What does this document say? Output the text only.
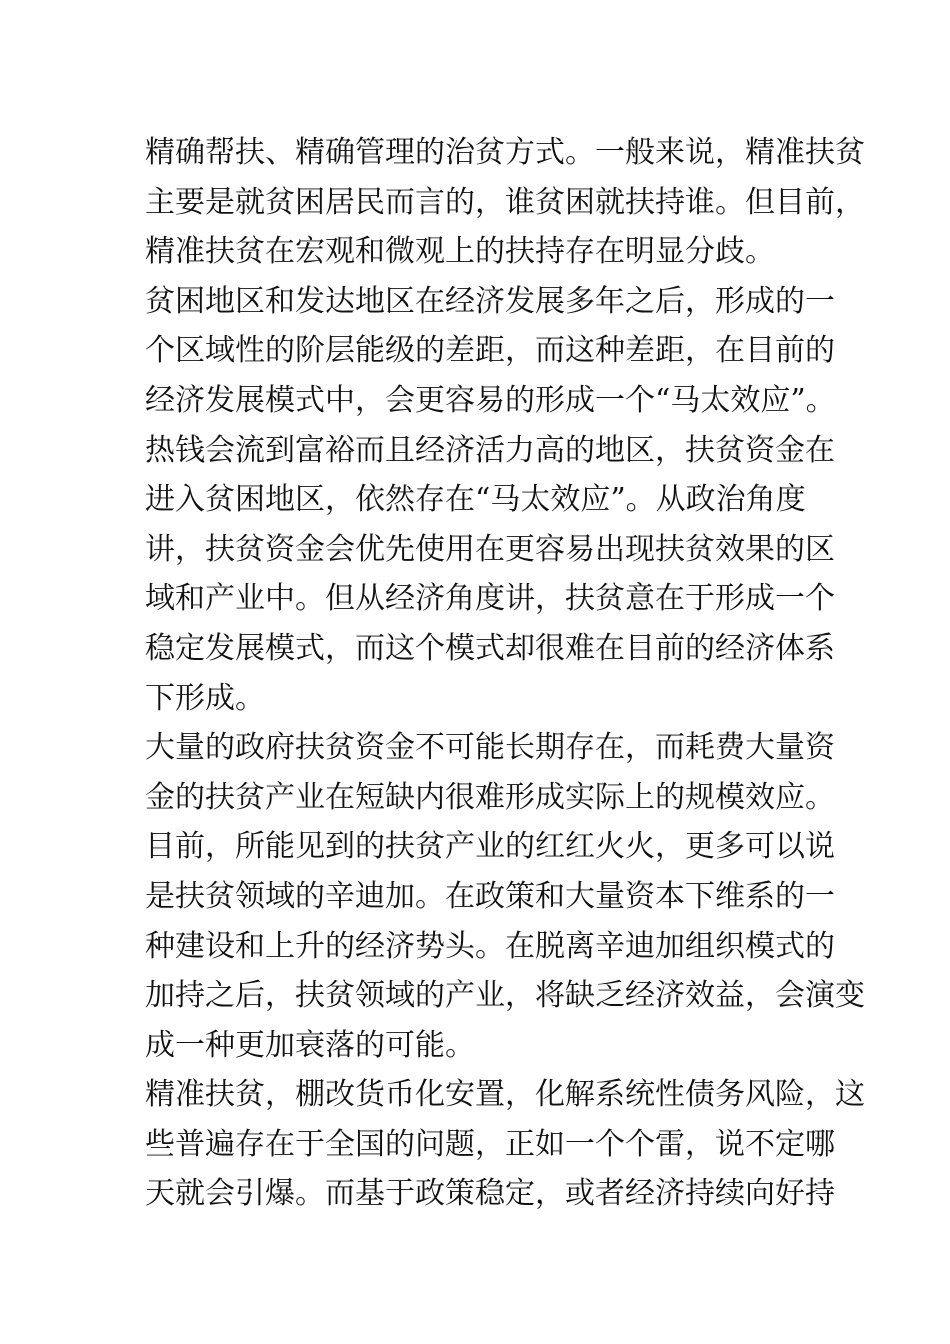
精确帮扶、精确管理的治贫方式。一般来说，精准扶贫
主要是就贫困居民而言的，谁贫困就扶持谁。但目前，
精准扶贫在宏观和微观上的扶持存在明显分歧。
贫困地区和发达地区在经济发展多年之后，形成的一
个区域性的阶层能级的差距，而这种差距，在目前的
经济发展模式中，会更容易的形成一个“马太效应”。
热钱会流到富裕而且经济活力高的地区，扶贫资金在
进入贫困地区，依然存在“马太效应”。从政治角度
讲，扶贫资金会优先使用在更容易出现扶贫效果的区
域和产业中。但从经济角度讲，扶贫意在于形成一个
稳定发展模式，而这个模式却很难在目前的经济体系
下形成。
大量的政府扶贫资金不可能长期存在，而耗费大量资
金的扶贫产业在短缺内很难形成实际上的规模效应。
目前，所能见到的扶贫产业的红红火火，更多可以说
是扶贫领域的辛迪加。在政策和大量资本下维系的一
种建设和上升的经济势头。在脱离辛迪加组织模式的
加持之后，扶贫领域的产业，将缺乏经济效益，会演变
成一种更加衰落的可能。
精准扶贫，棚改货币化安置，化解系统性债务风险，这
些普遍存在于全国的问题，正如一个个雷，说不定哪
天就会引爆。而基于政策稳定，或者经济持续向好持
